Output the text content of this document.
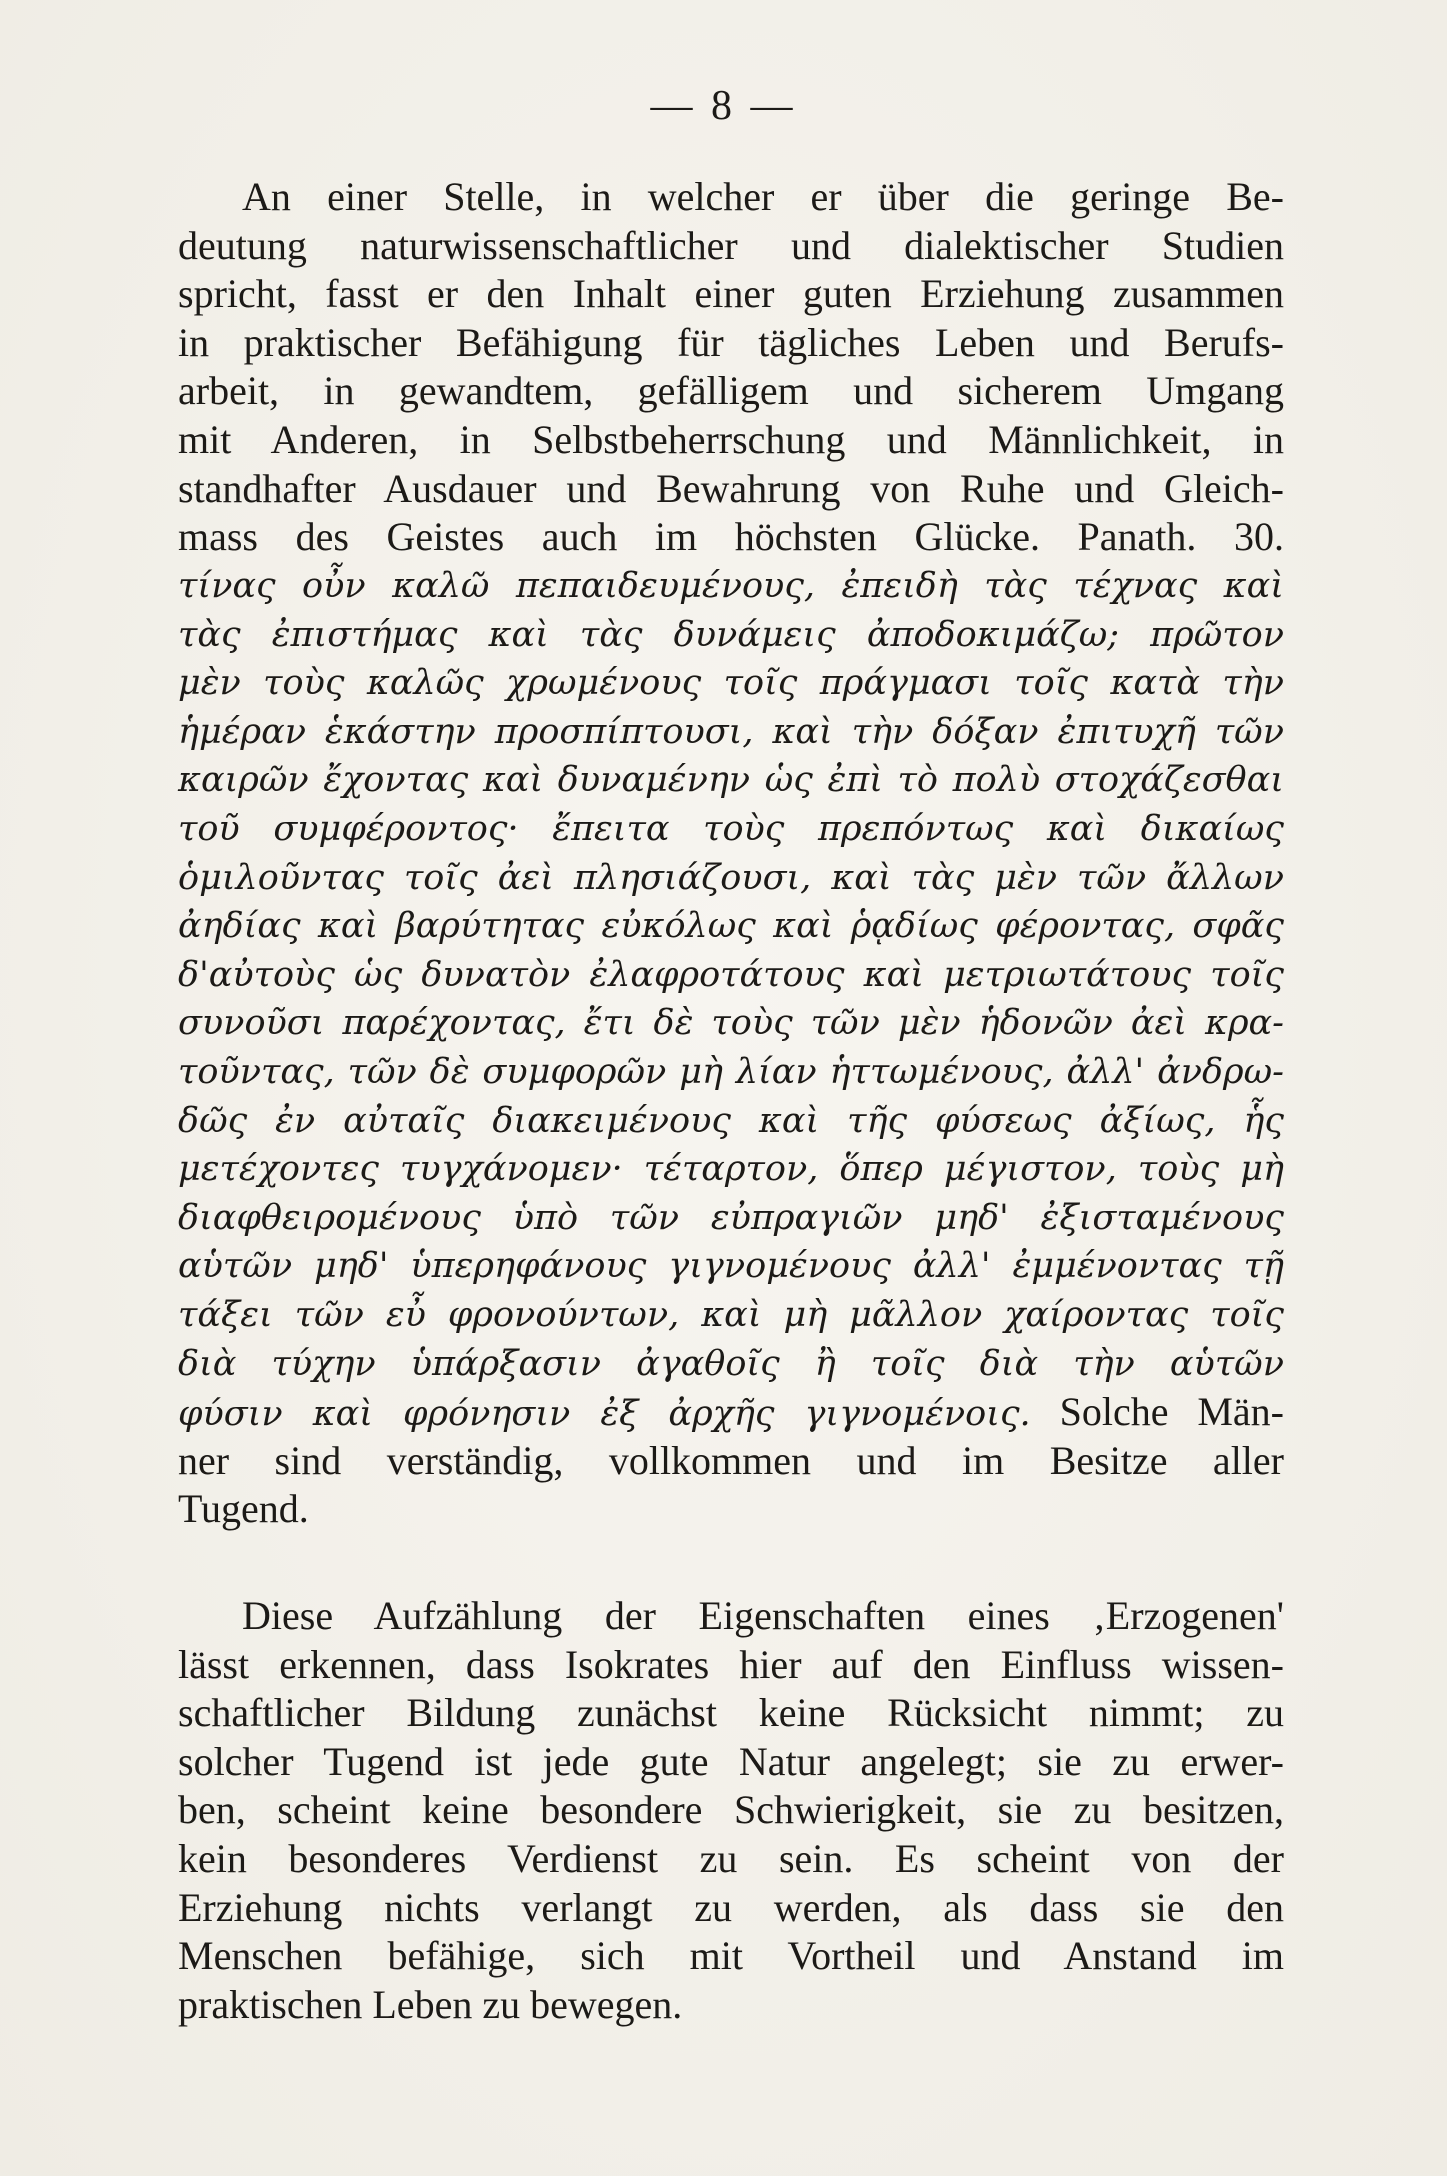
— 8 —
An einer Stelle, in welcher er über die geringe Be-
deutung naturwissenschaftlicher und dialektischer Studien
spricht, fasst er den Inhalt einer guten Erziehung zusammen
in praktischer Befähigung für tägliches Leben und Berufs-
arbeit, in gewandtem, gefälligem und sicherem Umgang
mit Anderen, in Selbstbeherrschung und Männlichkeit, in
standhafter Ausdauer und Bewahrung von Ruhe und Gleich-
mass des Geistes auch im höchsten Glücke. Panath. 30.
τίνας οὖν καλῶ πεπαιδευμένους, ἐπειδὴ τὰς τέχνας καὶ
τὰς ἐπιστήμας καὶ τὰς δυνάμεις ἀποδοκιμάζω; πρῶτον
μὲν τοὺς καλῶς χρωμένους τοῖς πράγμασι τοῖς κατὰ τὴν
ἡμέραν ἑκάστην προσπίπτουσι, καὶ τὴν δόξαν ἐπιτυχῆ τῶν
καιρῶν ἔχοντας καὶ δυναμένην ὡς ἐπὶ τὸ πολὺ στοχάζεσθαι
τοῦ συμφέροντος· ἔπειτα τοὺς πρεπόντως καὶ δικαίως
ὁμιλοῦντας τοῖς ἀεὶ πλησιάζουσι, καὶ τὰς μὲν τῶν ἄλλων
ἀηδίας καὶ βαρύτητας εὐκόλως καὶ ῥᾳδίως φέροντας, σφᾶς
δ'αὐτοὺς ὡς δυνατὸν ἐλαφροτάτους καὶ μετριωτάτους τοῖς
συνοῦσι παρέχοντας, ἔτι δὲ τοὺς τῶν μὲν ἡδονῶν ἀεὶ κρα-
τοῦντας, τῶν δὲ συμφορῶν μὴ λίαν ἡττωμένους, ἀλλ' ἀνδρω-
δῶς ἐν αὐταῖς διακειμένους καὶ τῆς φύσεως ἀξίως, ἧς
μετέχοντες τυγχάνομεν· τέταρτον, ὅπερ μέγιστον, τοὺς μὴ
διαφθειρομένους ὑπὸ τῶν εὐπραγιῶν μηδ' ἐξισταμένους
αὑτῶν μηδ' ὑπερηφάνους γιγνομένους ἀλλ' ἐμμένοντας τῇ
τάξει τῶν εὖ φρονούντων, καὶ μὴ μᾶλλον χαίροντας τοῖς
διὰ τύχην ὑπάρξασιν ἀγαθοῖς ἢ τοῖς διὰ τὴν αὑτῶν
φύσιν καὶ φρόνησιν ἐξ ἀρχῆς γιγνομένοις. Solche Män-
ner sind verständig, vollkommen und im Besitze aller
Tugend.
Diese Aufzählung der Eigenschaften eines ‚Erzogenen'
lässt erkennen, dass Isokrates hier auf den Einfluss wissen-
schaftlicher Bildung zunächst keine Rücksicht nimmt; zu
solcher Tugend ist jede gute Natur angelegt; sie zu erwer-
ben, scheint keine besondere Schwierigkeit, sie zu besitzen,
kein besonderes Verdienst zu sein. Es scheint von der
Erziehung nichts verlangt zu werden, als dass sie den
Menschen befähige, sich mit Vortheil und Anstand im
praktischen Leben zu bewegen.
